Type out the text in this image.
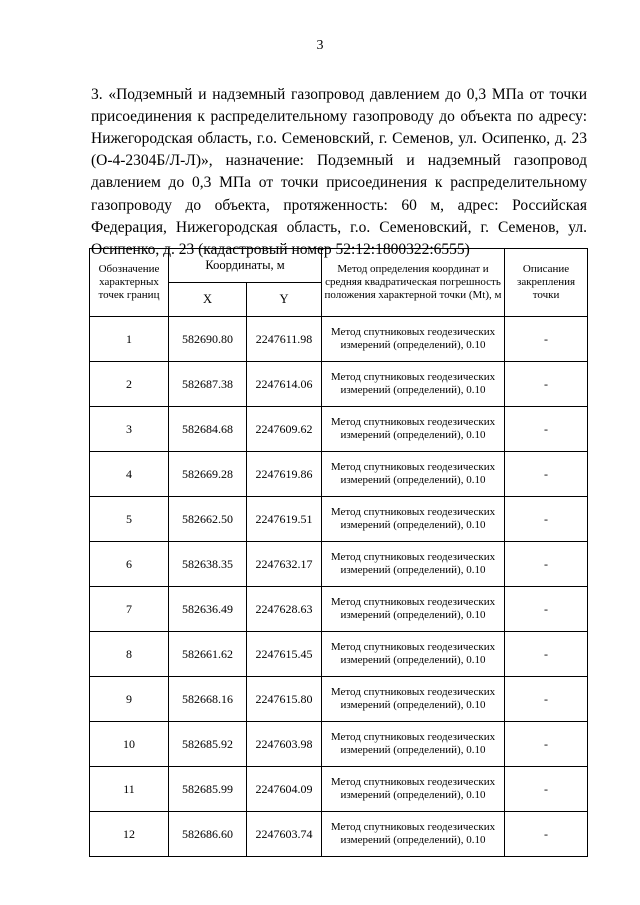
3

3. «Подземный и надземный газопровод давлением до 0,3 МПа от точки присоединения к распределительному газопроводу до объекта по адресу: Нижегородская область, г.о. Семеновский, г. Семенов, ул. Осипенко, д. 23 (О-4-2304Б/Л-Л)», назначение: Подземный и надземный газопровод давлением до 0,3 МПа от точки присоединения к распределительному газопроводу до объекта, протяженность: 60 м, адрес: Российская Федерация, Нижегородская область, г.о. Семеновский, г. Семенов, ул. Осипенко, д. 23 (кадастровый номер 52:12:1800322:6555)

Обозначение характерных точек границ	Координаты, м		Метод определения координат и средняя квадратическая погрешность положения характерной точки (Mt), м	Описание закрепления точки
	X	Y		
1	582690.80	2247611.98	Метод спутниковых геодезических измерений (определений), 0.10	-
2	582687.38	2247614.06	Метод спутниковых геодезических измерений (определений), 0.10	-
3	582684.68	2247609.62	Метод спутниковых геодезических измерений (определений), 0.10	-
4	582669.28	2247619.86	Метод спутниковых геодезических измерений (определений), 0.10	-
5	582662.50	2247619.51	Метод спутниковых геодезических измерений (определений), 0.10	-
6	582638.35	2247632.17	Метод спутниковых геодезических измерений (определений), 0.10	-
7	582636.49	2247628.63	Метод спутниковых геодезических измерений (определений), 0.10	-
8	582661.62	2247615.45	Метод спутниковых геодезических измерений (определений), 0.10	-
9	582668.16	2247615.80	Метод спутниковых геодезических измерений (определений), 0.10	-
10	582685.92	2247603.98	Метод спутниковых геодезических измерений (определений), 0.10	-
11	582685.99	2247604.09	Метод спутниковых геодезических измерений (определений), 0.10	-
12	582686.60	2247603.74	Метод спутниковых геодезических измерений (определений), 0.10	-
